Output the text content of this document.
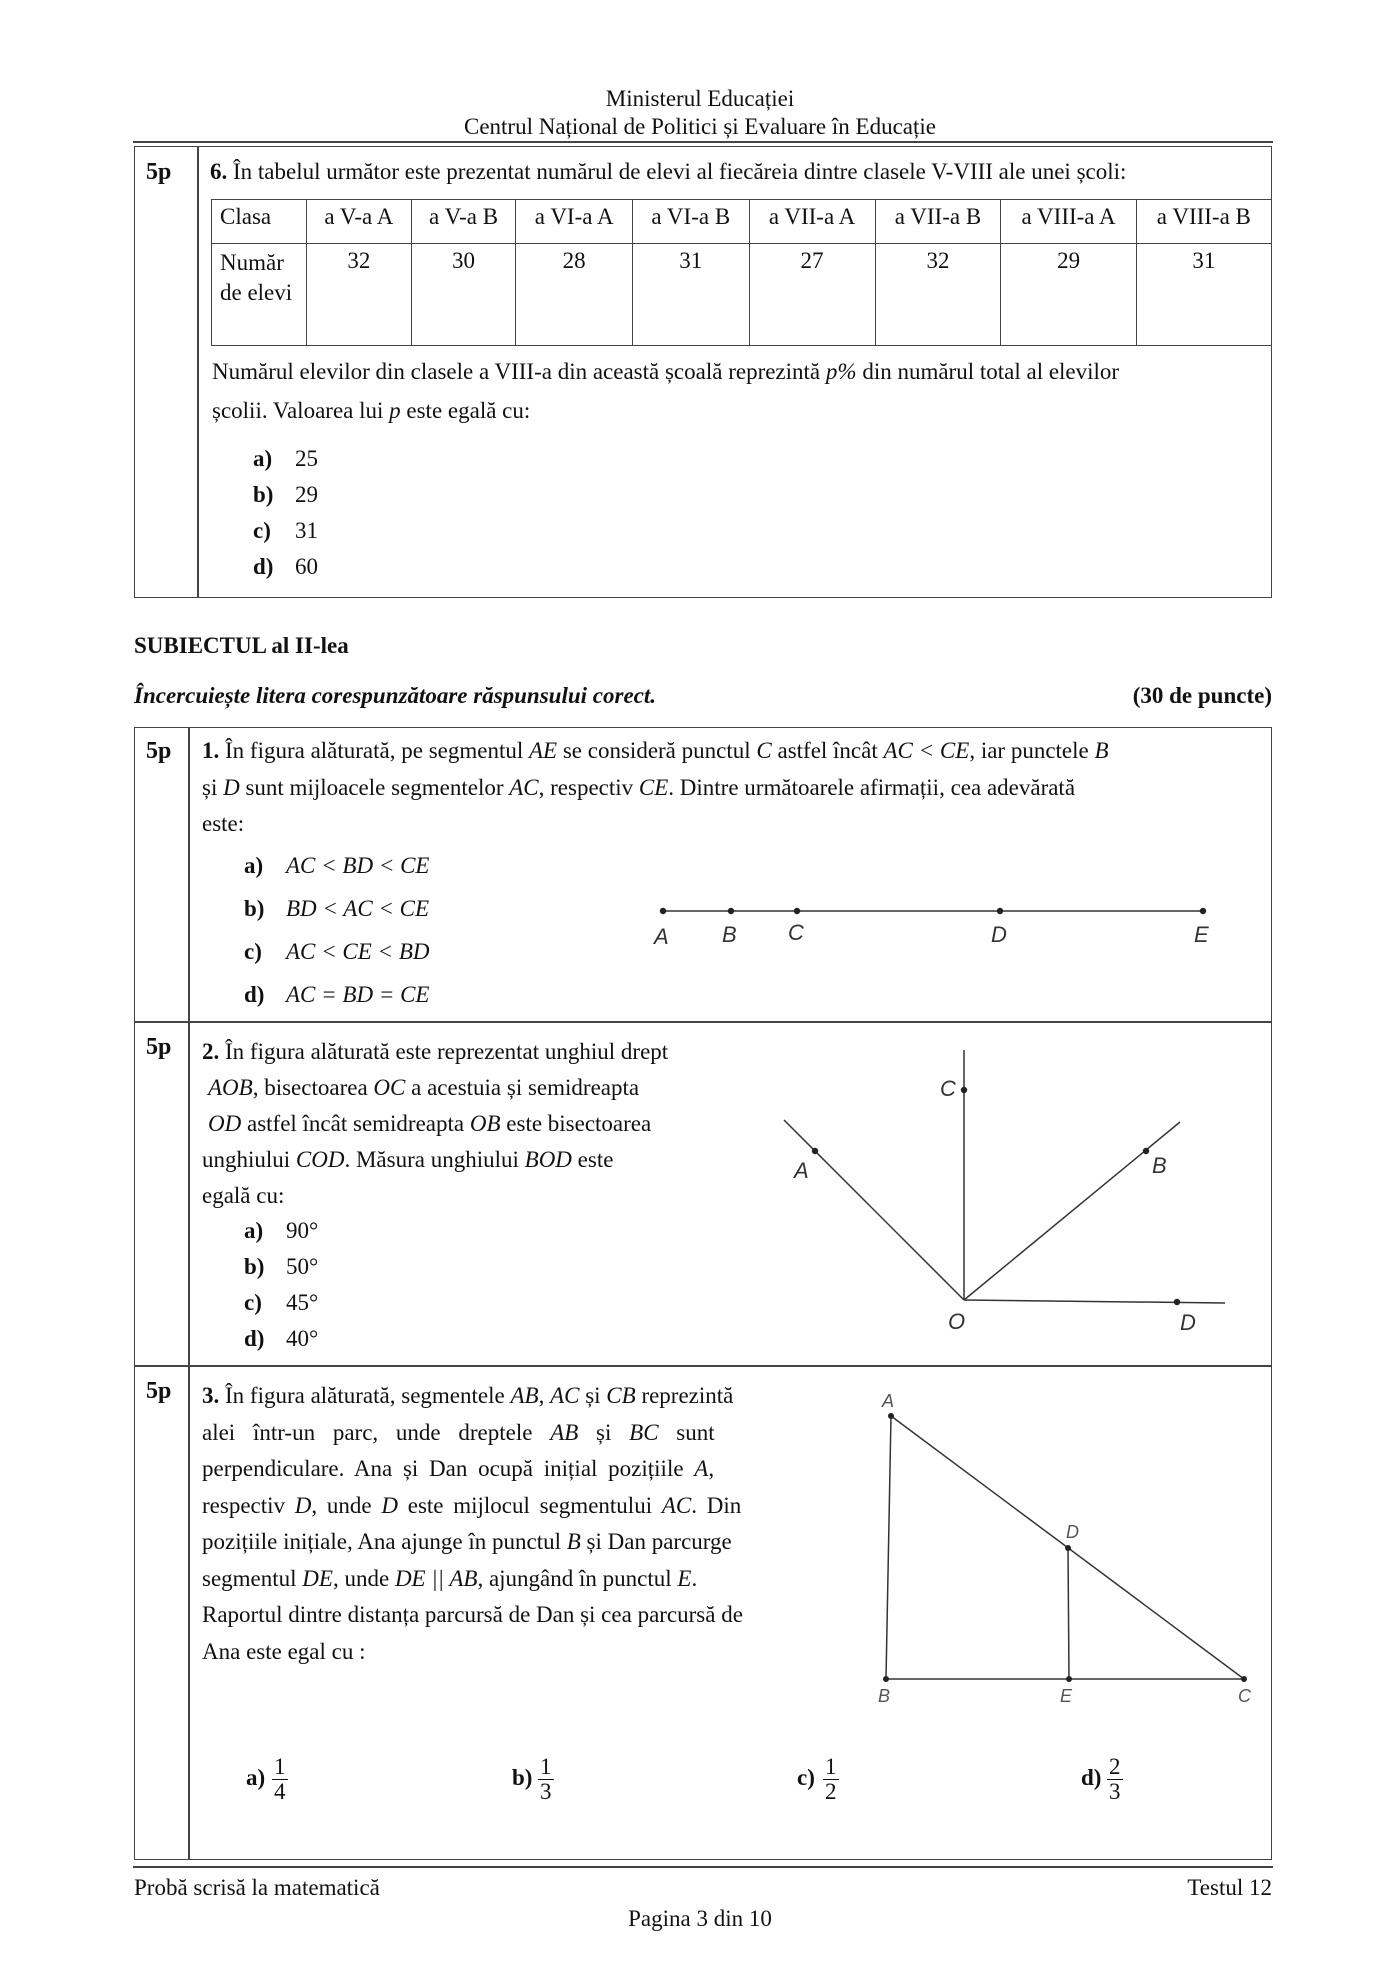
Ministerul Educației
Centrul Național de Politici și Evaluare în Educație
5p 6. În tabelul următor este prezentat numărul de elevi al fiecăreia dintre clasele V-VIII ale unei școli:
Clasa	a V-a A	a V-a B	a VI-a A	a VI-a B	a VII-a A	a VII-a B	a VIII-a A	a VIII-a B
Număr de elevi	32	30	28	31	27	32	29	31
Numărul elevilor din clasele a VIII-a din această școală reprezintă p% din numărul total al elevilor
școlii. Valoarea lui p este egală cu:
a) 25
b) 29
c) 31
d) 60
SUBIECTUL al II-lea
Încercuiește litera corespunzătoare răspunsului corect.	(30 de puncte)
5p 1. În figura alăturată, pe segmentul AE se consideră punctul C astfel încât AC < CE, iar punctele B
și D sunt mijloacele segmentelor AC, respectiv CE. Dintre următoarele afirmații, cea adevărată
este:
a) AC < BD < CE
b) BD < AC < CE
c) AC < CE < BD
d) AC = BD = CE
A B C	D	E
5p 2. În figura alăturată este reprezentat unghiul drept
AOB, bisectoarea OC a acestuia și semidreapta
OD astfel încât semidreapta OB este bisectoarea
unghiului COD. Măsura unghiului BOD este
egală cu:
a) 90°
b) 50°
c) 45°
d) 40°
C
A	B
O	D
5p 3. În figura alăturată, segmentele AB, AC și CB reprezintă
alei într-un parc, unde dreptele AB și BC sunt
perpendiculare. Ana și Dan ocupă inițial pozițiile A,
respectiv D, unde D este mijlocul segmentului AC. Din
pozițiile inițiale, Ana ajunge în punctul B și Dan parcurge
segmentul DE, unde DE || AB, ajungând în punctul E.
Raportul dintre distanța parcursă de Dan și cea parcursă de
Ana este egal cu :
A
D
B	E	C
$a) \frac{1}{4}$	$b) \frac{1}{3}$	$c) \frac{1}{2}$	$d) \frac{2}{3}$
Probă scrisă la matematică	Testul 12
Pagina 3 din 10
